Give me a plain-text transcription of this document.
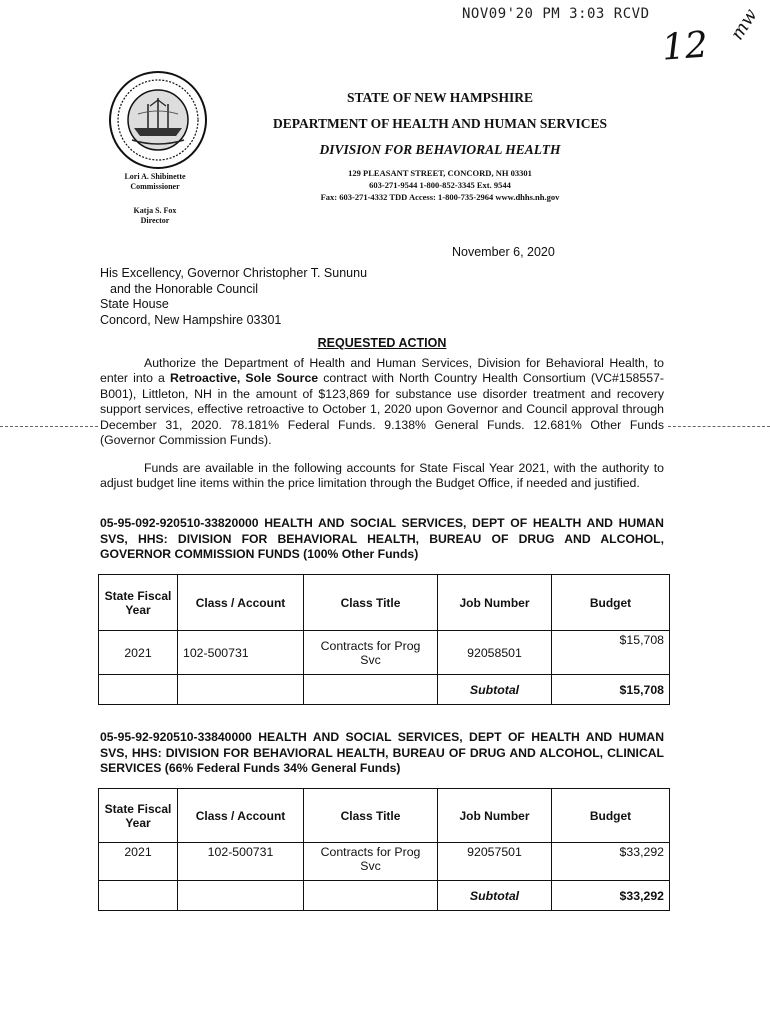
NOV09'20 PM 3:03 RCVD
12 mw
STATE OF NEW HAMPSHIRE
DEPARTMENT OF HEALTH AND HUMAN SERVICES
DIVISION FOR BEHAVIORAL HEALTH
129 PLEASANT STREET, CONCORD, NH 03301
603-271-9544 1-800-852-3345 Ext. 9544
Fax: 603-271-4332 TDD Access: 1-800-735-2964 www.dhhs.nh.gov
Lori A. Shibinette
Commissioner
Katja S. Fox
Director
November 6, 2020
His Excellency, Governor Christopher T. Sununu
and the Honorable Council
State House
Concord, New Hampshire 03301
REQUESTED ACTION
Authorize the Department of Health and Human Services, Division for Behavioral Health, to enter into a Retroactive, Sole Source contract with North Country Health Consortium (VC#158557-B001), Littleton, NH in the amount of $123,869 for substance use disorder treatment and recovery support services, effective retroactive to October 1, 2020 upon Governor and Council approval through December 31, 2020. 78.181% Federal Funds. 9.138% General Funds. 12.681% Other Funds (Governor Commission Funds).
Funds are available in the following accounts for State Fiscal Year 2021, with the authority to adjust budget line items within the price limitation through the Budget Office, if needed and justified.
05-95-092-920510-33820000 HEALTH AND SOCIAL SERVICES, DEPT OF HEALTH AND HUMAN SVS, HHS: DIVISION FOR BEHAVIORAL HEALTH, BUREAU OF DRUG AND ALCOHOL, GOVERNOR COMMISSION FUNDS (100% Other Funds)
State Fiscal Year	Class / Account	Class Title	Job Number	Budget
2021	102-500731	Contracts for Prog Svc	92058501	$15,708
			Subtotal	$15,708
05-95-92-920510-33840000 HEALTH AND SOCIAL SERVICES, DEPT OF HEALTH AND HUMAN SVS, HHS: DIVISION FOR BEHAVIORAL HEALTH, BUREAU OF DRUG AND ALCOHOL, CLINICAL SERVICES (66% Federal Funds 34% General Funds)
State Fiscal Year	Class / Account	Class Title	Job Number	Budget
2021	102-500731	Contracts for Prog Svc	92057501	$33,292
			Subtotal	$33,292
